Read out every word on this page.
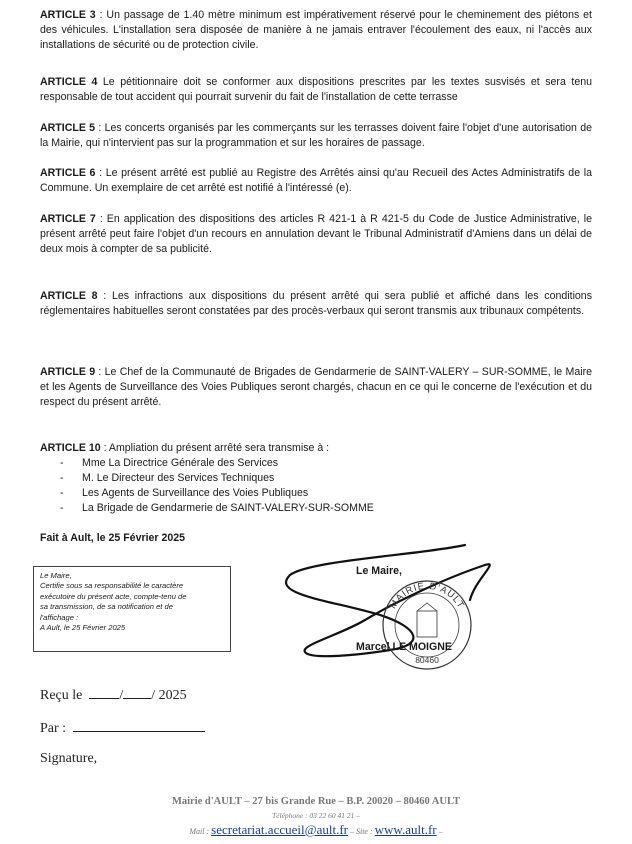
ARTICLE 3 : Un passage de 1.40 mètre minimum est impérativement réservé pour le cheminement des piétons et des véhicules. L'installation sera disposée de manière à ne jamais entraver l'écoulement des eaux, ni l'accès aux installations de sécurité ou de protection civile.

ARTICLE 4 Le pétitionnaire doit se conformer aux dispositions prescrites par les textes susvisés et sera tenu responsable de tout accident qui pourrait survenir du fait de l'installation de cette terrasse

ARTICLE 5 : Les concerts organisés par les commerçants sur les terrasses doivent faire l'objet d'une autorisation de la Mairie, qui n'intervient pas sur la programmation et sur les horaires de passage.

ARTICLE 6 : Le présent arrêté est publié au Registre des Arrêtés ainsi qu'au Recueil des Actes Administratifs de la Commune. Un exemplaire de cet arrêté est notifié à l'intéressé (e).

ARTICLE 7 : En application des dispositions des articles R 421-1 à R 421-5 du Code de Justice Administrative, le présent arrêté peut faire l'objet d'un recours en annulation devant le Tribunal Administratif d'Amiens dans un délai de deux mois à compter de sa publicité.

ARTICLE 8 : Les infractions aux dispositions du présent arrêté qui sera publié et affiché dans les conditions réglementaires habituelles seront constatées par des procès-verbaux qui seront transmis aux tribunaux compétents.

ARTICLE 9 : Le Chef de la Communauté de Brigades de Gendarmerie de SAINT-VALERY – SUR-SOMME, le Maire et les Agents de Surveillance des Voies Publiques seront chargés, chacun en ce qui le concerne de l'exécution et du respect du présent arrêté.

ARTICLE 10 : Ampliation du présent arrêté sera transmise à :

- Mme La Directrice Générale des Services
- M. Le Directeur des Services Techniques
- Les Agents de Surveillance des Voies Publiques
- La Brigade de Gendarmerie de SAINT-VALERY-SUR-SOMME
Fait à Ault, le 25 Février 2025
Le Maire,
Certifie sous sa responsabilité le caractère
exécutoire du présent acte, compte-tenu de
sa transmission, de sa notification et de
l'affichage :
A Ault, le 25 Février 2025
MAIRIE D'AULT
80460
Le Maire,
Marcel LE MOIGNE
Reçu le	/ / 2025
Par :
Signature,
Mairie d'AULT – 27 bis Grande Rue – B.P. 20020 – 80460 AULT
Téléphone : 03 22 60 41 21 –
Mail : secretariat.accueil@ault.fr – Site : www.ault.fr –
